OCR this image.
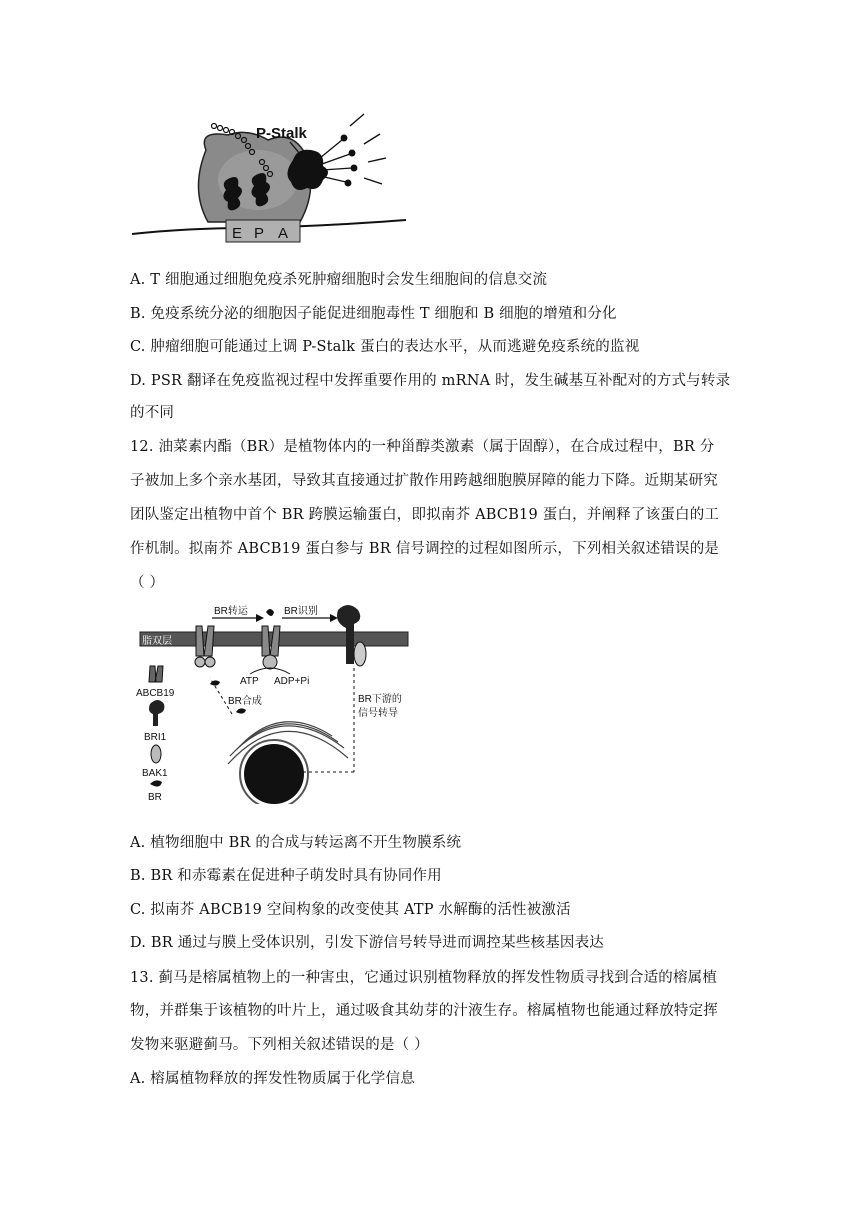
E P A
P-Stalk
A. T 细胞通过细胞免疫杀死肿瘤细胞时会发生细胞间的信息交流
B. 免疫系统分泌的细胞因子能促进细胞毒性 T 细胞和 B 细胞的增殖和分化
C. 肿瘤细胞可能通过上调 P-Stalk 蛋白的表达水平，从而逃避免疫系统的监视
D. PSR 翻译在免疫监视过程中发挥重要作用的 mRNA 时，发生碱基互补配对的方式与转录
的不同
12. 油菜素内酯（BR）是植物体内的一种甾醇类激素（属于固醇），在合成过程中，BR 分
子被加上多个亲水基团，导致其直接通过扩散作用跨越细胞膜屏障的能力下降。近期某研究
团队鉴定出植物中首个 BR 跨膜运输蛋白，即拟南芥 ABCB19 蛋白，并阐释了该蛋白的工
作机制。拟南芥 ABCB19 蛋白参与 BR 信号调控的过程如图所示，下列相关叙述错误的是
（ ）
脂双层
BR转运	BR识别
ATP ADP+Pi
BR下游的
信号转导
BR合成
ABCB19
BRI1
BAK1
BR
A. 植物细胞中 BR 的合成与转运离不开生物膜系统
B. BR 和赤霉素在促进种子萌发时具有协同作用
C. 拟南芥 ABCB19 空间构象的改变使其 ATP 水解酶的活性被激活
D. BR 通过与膜上受体识别，引发下游信号转导进而调控某些核基因表达
13. 蓟马是榕属植物上的一种害虫，它通过识别植物释放的挥发性物质寻找到合适的榕属植
物，并群集于该植物的叶片上，通过吸食其幼芽的汁液生存。榕属植物也能通过释放特定挥
发物来驱避蓟马。下列相关叙述错误的是（ ）
A. 榕属植物释放的挥发性物质属于化学信息
